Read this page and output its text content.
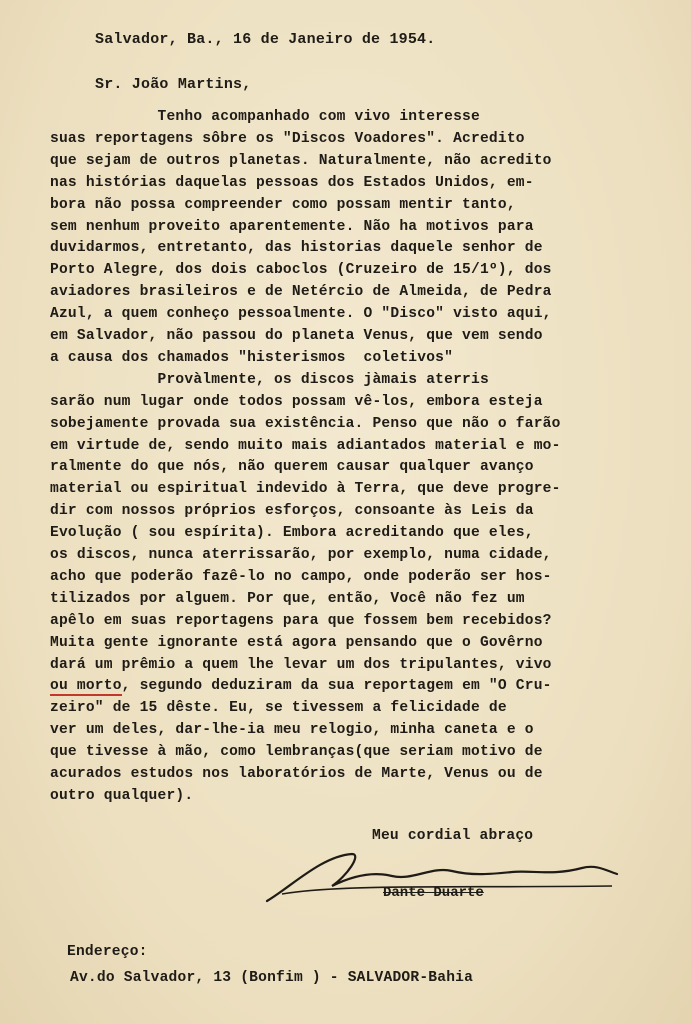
Salvador, Ba., 16 de Janeiro de 1954.

Sr. João Martins,

Tenho acompanhado com vivo interesse

suas reportagens sôbre os "Discos Voadores". Acredito

que sejam de outros planetas. Naturalmente, não acredito

nas histórias daquelas pessoas dos Estados Unidos, em-

bora não possa compreender como possam mentir tanto,

sem nenhum proveito aparentemente. Não ha motivos para

duvidarmos, entretanto, das historias daquele senhor de

Porto Alegre, dos dois caboclos (Cruzeiro de 15/1º), dos

aviadores brasileiros e de Netércio de Almeida, de Pedra

Azul, a quem conheço pessoalmente. O "Disco" visto aqui,

em Salvador, não passou do planeta Venus, que vem sendo

a causa dos chamados "histerismos  coletivos"

Provàlmente, os discos jàmais aterris

sarão num lugar onde todos possam vê-los, embora esteja

sobejamente provada sua existência. Penso que não o farão

em virtude de, sendo muito mais adiantados material e mo-

ralmente do que nós, não querem causar qualquer avanço

material ou espiritual indevido à Terra, que deve progre-

dir com nossos próprios esforços, consoante às Leis da

Evolução ( sou espírita). Embora acreditando que eles,

os discos, nunca aterrissarão, por exemplo, numa cidade,

acho que poderão fazê-lo no campo, onde poderão ser hos-

tilizados por alguem. Por que, então, Você não fez um

apêlo em suas reportagens para que fossem bem recebidos?

Muita gente ignorante está agora pensando que o Govêrno

dará um prêmio a quem lhe levar um dos tripulantes, vivo

ou morto, segundo deduziram da sua reportagem em "O Cru-

zeiro" de 15 dêste. Eu, se tivessem a felicidade de

ver um deles, dar-lhe-ia meu relogio, minha caneta e o

que tivesse à mão, como lembranças(que seriam motivo de

acurados estudos nos laboratórios de Marte, Venus ou de

outro qualquer).

Meu cordial abraço

Dante Duarte

Endereço:

Av.do Salvador, 13 (Bonfim ) - SALVADOR-Bahia
